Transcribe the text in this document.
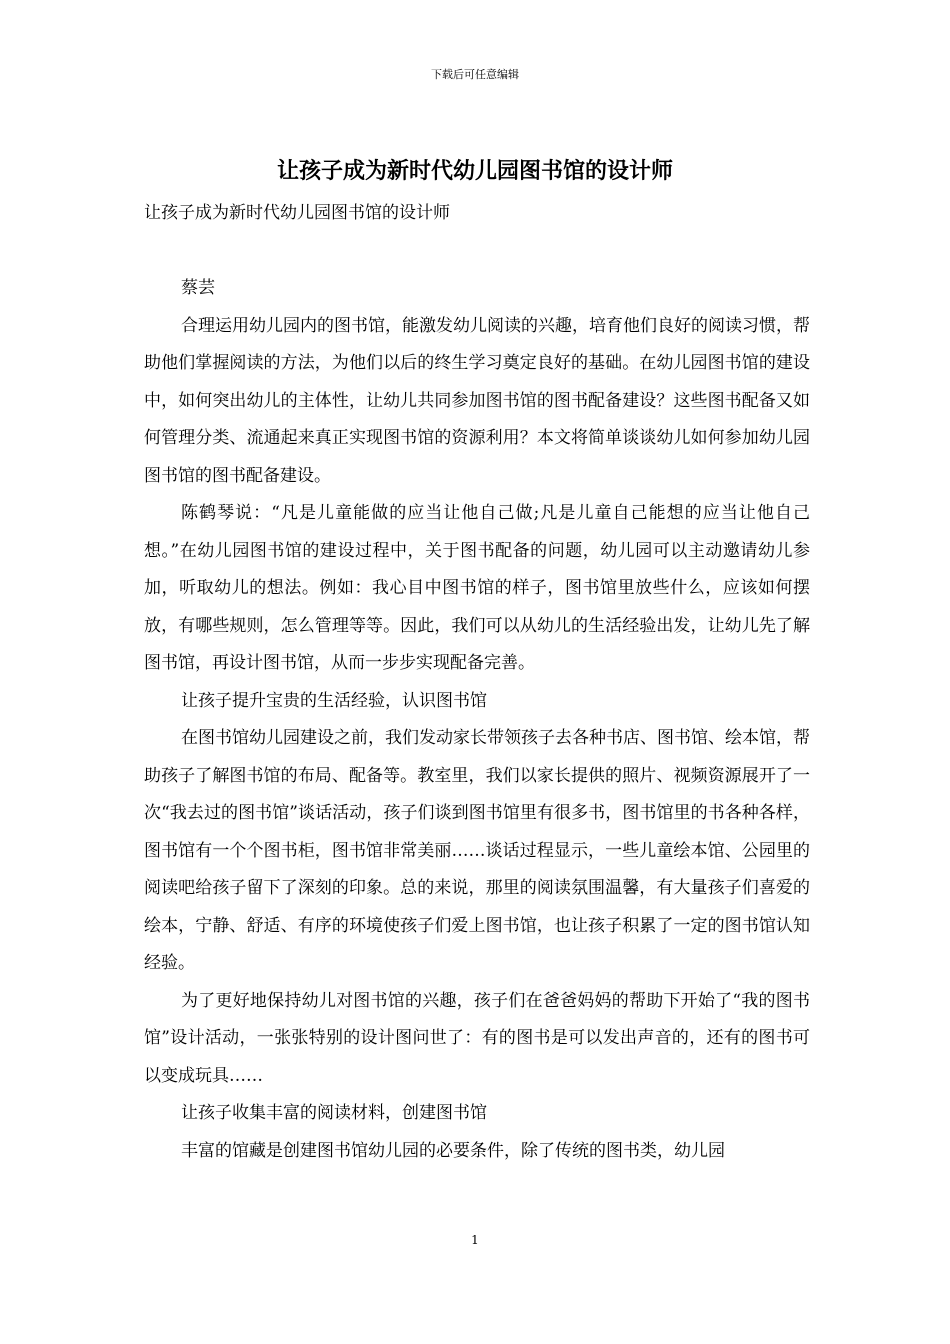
下载后可任意编辑
让孩子成为新时代幼儿园图书馆的设计师

让孩子成为新时代幼儿园图书馆的设计师

蔡芸

合理运用幼儿园内的图书馆，能激发幼儿阅读的兴趣，培育他们良好的阅读习惯，帮助他们掌握阅读的方法，为他们以后的终生学习奠定良好的基础。在幼儿园图书馆的建设中，如何突出幼儿的主体性，让幼儿共同参加图书馆的图书配备建设？这些图书配备又如何管理分类、流通起来真正实现图书馆的资源利用？本文将简单谈谈幼儿如何参加幼儿园图书馆的图书配备建设。

陈鹤琴说：“凡是儿童能做的应当让他自己做;凡是儿童自己能想的应当让他自己想。”在幼儿园图书馆的建设过程中，关于图书配备的问题，幼儿园可以主动邀请幼儿参加，听取幼儿的想法。例如：我心目中图书馆的样子，图书馆里放些什么，应该如何摆放，有哪些规则，怎么管理等等。因此，我们可以从幼儿的生活经验出发，让幼儿先了解图书馆，再设计图书馆，从而一步步实现配备完善。

让孩子提升宝贵的生活经验，认识图书馆

在图书馆幼儿园建设之前，我们发动家长带领孩子去各种书店、图书馆、绘本馆，帮助孩子了解图书馆的布局、配备等。教室里，我们以家长提供的照片、视频资源展开了一次“我去过的图书馆”谈话活动，孩子们谈到图书馆里有很多书，图书馆里的书各种各样，图书馆有一个个图书柜，图书馆非常美丽……谈话过程显示，一些儿童绘本馆、公园里的阅读吧给孩子留下了深刻的印象。总的来说，那里的阅读氛围温馨，有大量孩子们喜爱的绘本，宁静、舒适、有序的环境使孩子们爱上图书馆，也让孩子积累了一定的图书馆认知经验。

为了更好地保持幼儿对图书馆的兴趣，孩子们在爸爸妈妈的帮助下开始了“我的图书馆”设计活动，一张张特别的设计图问世了：有的图书是可以发出声音的，还有的图书可以变成玩具……

让孩子收集丰富的阅读材料，创建图书馆

丰富的馆藏是创建图书馆幼儿园的必要条件，除了传统的图书类，幼儿园

1
